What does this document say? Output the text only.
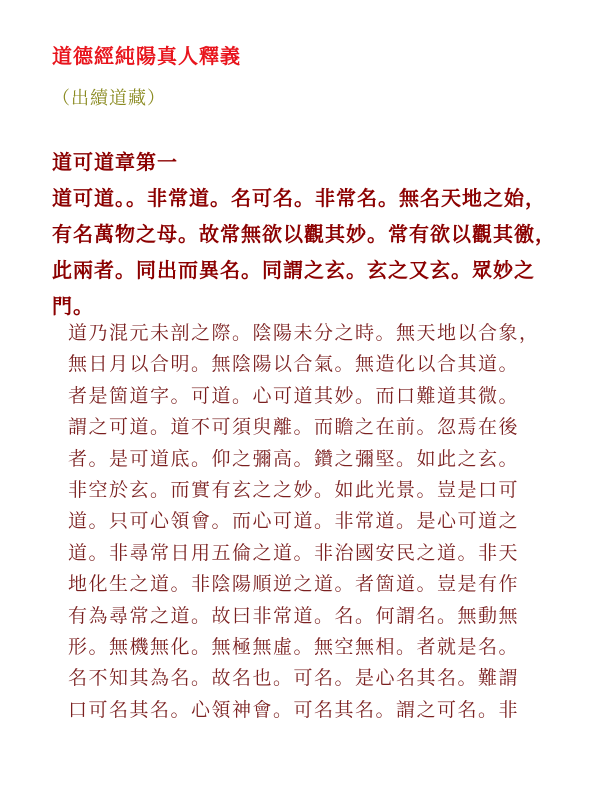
道德經純陽真人釋義
（出續道藏）
道可道章第一
道可道。。非常道。名可名。非常名。無名天地之始，
有名萬物之母。故常無欲以觀其妙。常有欲以觀其徼，
此兩者。同出而異名。同謂之玄。玄之又玄。眾妙之
門。
道乃混元未剖之際。陰陽未分之時。無天地以合象，
無日月以合明。無陰陽以合氣。無造化以合其道。
者是箇道字。可道。心可道其妙。而口難道其微。
謂之可道。道不可須臾離。而瞻之在前。忽焉在後
者。是可道底。仰之彌高。鑽之彌堅。如此之玄。
非空於玄。而實有玄之之妙。如此光景。豈是口可
道。只可心領會。而心可道。非常道。是心可道之
道。非尋常日用五倫之道。非治國安民之道。非天
地化生之道。非陰陽順逆之道。者箇道。豈是有作
有為尋常之道。故曰非常道。名。何謂名。無動無
形。無機無化。無極無虛。無空無相。者就是名。
名不知其為名。故名也。可名。是心名其名。難謂
口可名其名。心領神會。可名其名。謂之可名。非
